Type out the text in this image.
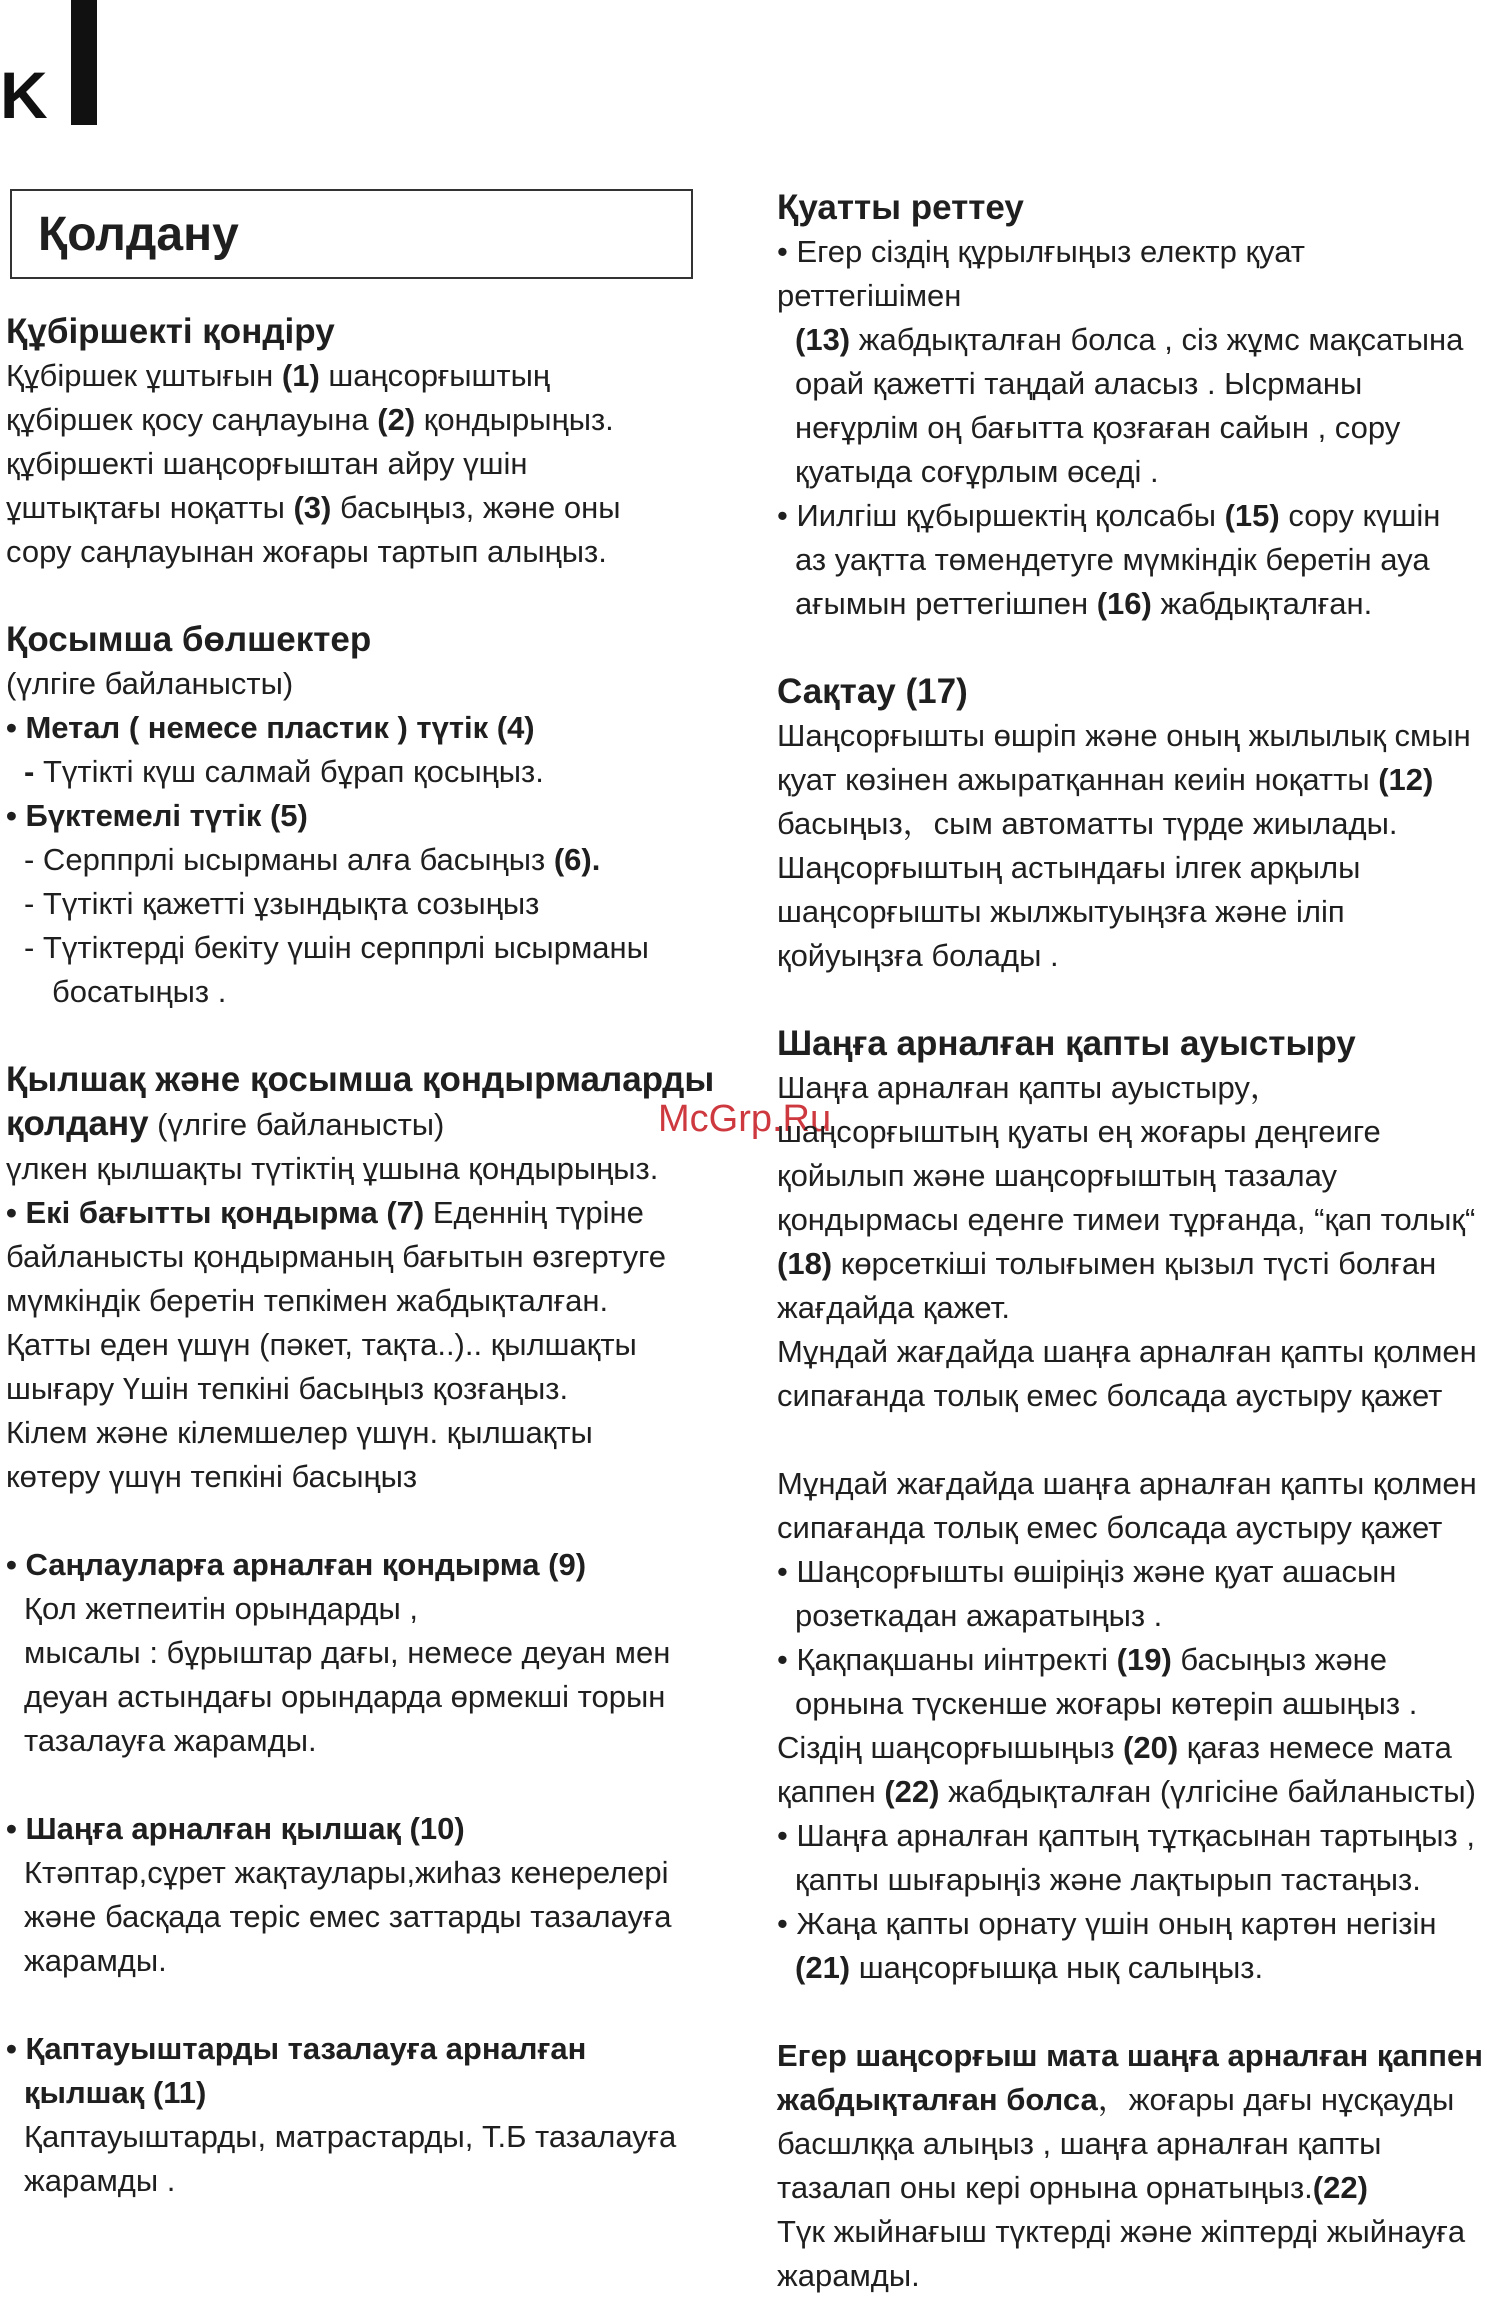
K
Қолдану
McGrp.Ru
Құбіршекті қондіру

Құбіршек ұштығын (1) шаңсорғыштың

құбіршек қосу саңлауына (2) қондырыңыз.

құбіршекті шаңсорғыштан айру үшін

ұштықтағы ноқатты (3) басыңыз, және оны

сору саңлауынан жоғары тартып алыңыз.

Қосымша бөлшектер

(үлгіге байланысты)

• Метал ( немесе пластик ) түтік (4)

- Түтікті күш салмай бұрап қосыңыз.

• Бүктемелі түтік (5)

- Серппрлі ысырманы алға басыңыз (6).

- Түтікті қажетті ұзындықта созыңыз

- Түтіктерді бекіту үшін серппрлі ысырманы

босатыңыз .

Қылшақ және қосымша қондырмаларды

қолдану (үлгіге байланысты)

үлкен қылшақты түтіктің ұшына қондырыңыз.

• Екі бағытты қондырма (7) Еденнің түріне

байланысты қондырманың бағытын өзгертуге

мүмкіндік беретін тепкімен жабдықталған.

Қатты еден үшүн (пәкет, тақта..).. қылшақты

шығару Үшін тепкіні басыңыз қозғаңыз.

Кілем және кілемшелер үшүн. қылшақты

көтеру үшүн тепкіні басыңыз

• Саңлауларға арналған қондырма (9)

Қол жетпеитін орындарды ,

мысалы : бұрыштар дағы, немесе деуан мен

деуан астындағы орындарда өрмекші торын

тазалауға жарамды.

• Шаңға арналған қылшақ (10)

Ктәптар,сұрет жақтаулары,жиһаз кенерелері

және басқада теріс емес заттарды тазалауға

жарамды.

• Қаптауыштарды тазалауға арналған

қылшақ (11)

Қаптауыштарды, матрастарды, Т.Б тазалауға

жарамды .

Қуатты реттеу

• Егер сіздің құрылғыңыз електр қуат реттегішімен

(13) жабдықталған болса , сіз жұмс мақсатына

орай қажетті таңдай аласыз . Ысрманы

неғұрлім оң бағытта қозғаған сайын , сору

қуатыда соғұрлым өседі .

• Иилгіш құбыршектің қолсабы (15) сору күшін

аз уақтта төмендетуге мүмкіндік беретін ауа

ағымын реттегішпен (16) жабдықталған.

Сақтау (17)

Шаңсорғышты өшріп және оның жылылық смын

қуат көзінен ажыратқаннан кеиін ноқатты (12)

басыңыз，сым автоматты түрде жиылады.

Шаңсорғыштың астындағы ілгек арқылы

шаңсорғышты жылжытуыңзға және іліп

қойуыңзға болады .

Шаңға арналған қапты ауыстыру

Шаңға арналған қапты ауыстыру，

шаңсорғыштың қуаты ең жоғары деңгеиге

қойылып және шаңсорғыштың тазалау

қондырмасы еденге тимеи тұрғанда, “қап толық“

(18) көрсеткіші толығымен қызыл түсті болған

жағдайда қажет.

Мұндай жағдайда шаңға арналған қапты қолмен

сипағанда толық емес болсада аустыру қажет

Мұндай жағдайда шаңға арналған қапты қолмен

сипағанда толық емес болсада аустыру қажет

• Шаңсорғышты өшіріңіз және қуат ашасын

розеткадан ажаратыңыз .

• Қақпақшаны иінтректі (19) басыңыз және

орнына түскенше жоғары көтеріп ашыңыз .

Сіздің шаңсорғышыңыз (20) қағаз немесе мата

қаппен (22) жабдықталған (үлгісіне байланысты)

• Шаңға арналған қаптың тұтқасынан тартыңыз ,

қапты шығарыңіз және лақтырып тастаңыз.

• Жаңа қапты орнату үшін оның картөн негізін

(21) шаңсорғышқа нық салыңыз.

Егер шаңсорғыш мата шаңға арналған қаппен

жабдықталған болса，жоғары дағы нұсқауды

басшлққа алыңыз , шаңға арналған қапты

тазалап оны кері орнына орнатыңыз.(22)

Түк жыйнағыш түктерді және жіптерді жыйнауға

жарамды.
